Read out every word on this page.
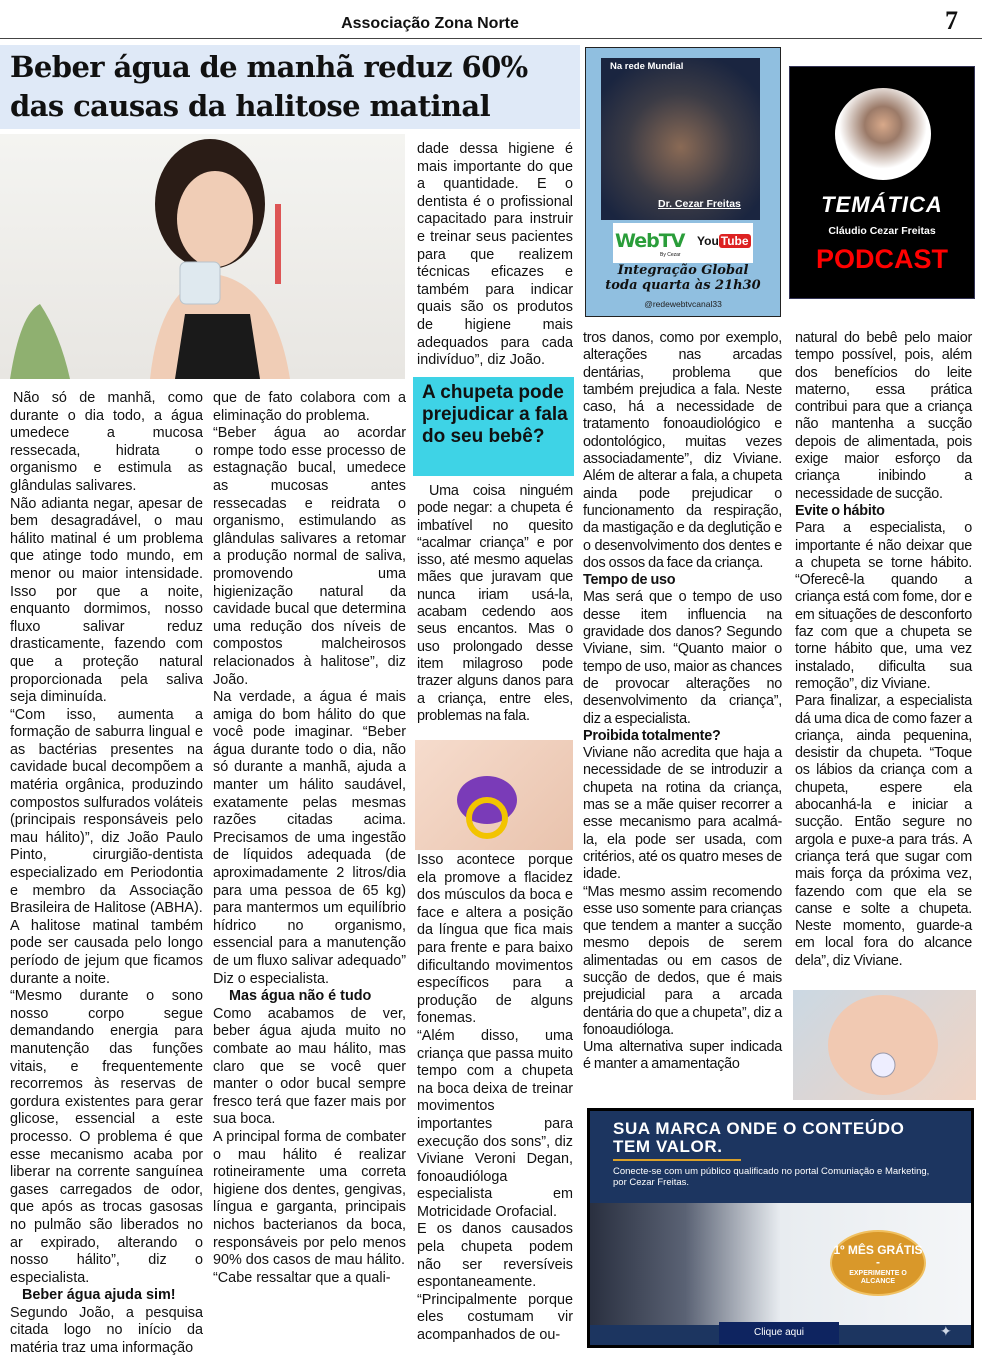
Associação Zona Norte	7
Beber água de manhã reduz 60% das causas da halitose matinal

Não só de manhã, como durante o dia todo, a água umedece a mucosa ressecada, hidrata o organismo e estimula as glândulas salivares.

Não adianta negar, apesar de bem desagradável, o mau hálito matinal é um problema que atinge todo mundo, em menor ou maior intensidade. Isso por que a noite, enquanto dormimos, nosso fluxo salivar reduz drasticamente, fazendo com que a proteção natural proporcionada pela saliva seja diminuída.

“Com isso, aumenta a formação de saburra lingual e as bactérias presentes na cavidade bucal decompõem a matéria orgânica, produzindo compostos sulfurados voláteis (principais responsáveis pelo mau hálito)”, diz João Paulo Pinto, cirurgião-dentista especializado em Periodontia e membro da Associação Brasileira de Halitose (ABHA).

A halitose matinal também pode ser causada pelo longo período de jejum que ficamos durante a noite.

“Mesmo durante o sono nosso corpo segue demandando energia para manutenção das funções vitais, e frequentemente recorremos às reservas de gordura existentes para gerar glicose, essencial a este processo. O problema é que esse mecanismo acaba por liberar na corrente sanguínea gases carregados de odor, que após as trocas gasosas no pulmão são liberados no ar expirado, alterando o nosso hálito”, diz o especialista.

Beber água ajuda sim!

Segundo João, a pesquisa citada logo no início da matéria traz uma informação

que de fato colabora com a eliminação do problema.

“Beber água ao acordar rompe todo esse processo de estagnação bucal, umedece as mucosas antes ressecadas e reidrata o organismo, estimulando as glândulas salivares a retomar a produção normal de saliva, promovendo uma higienização natural da cavidade bucal que determina uma redução dos níveis de compostos malcheirosos relacionados à halitose”, diz João.

Na verdade, a água é mais amiga do bom hálito do que você pode imaginar. “Beber água durante todo o dia, não só durante a manhã, ajuda a manter um hálito saudável, exatamente pelas mesmas razões citadas acima. Precisamos de uma ingestão de líquidos adequada (de aproximadamente 2 litros/dia para uma pessoa de 65 kg) para mantermos um equilíbrio hídrico no organismo, essencial para a manutenção de um fluxo salivar adequado” Diz o especialista.

Mas água não é tudo

Como acabamos de ver, beber água ajuda muito no combate ao mau hálito, mas claro que se você quer manter o odor bucal sempre fresco terá que fazer mais por sua boca.

A principal forma de combater o mau hálito é realizar rotineiramente uma correta higiene dos dentes, gengivas, língua e garganta, principais nichos bacterianos da boca, responsáveis por pelo menos 90% dos casos de mau hálito.

“Cabe ressaltar que a quali-

dade dessa higiene é mais importante do que a quantidade. E o dentista é o profissional capacitado para instruir e treinar seus pacientes para que realizem técnicas eficazes e também para indicar quais são os produtos de higiene mais adequados para cada indivíduo”, diz João.

A chupeta pode prejudicar a fala do seu bebê?

Uma coisa ninguém pode negar: a chupeta é imbatível no quesito “acalmar criança” e por isso, até mesmo aquelas mães que juravam que nunca iriam usá-la, acabam cedendo aos seus encantos. Mas o uso prolongado desse item milagroso pode trazer alguns danos para a criança, entre eles, problemas na fala.

Isso acontece porque ela promove a flacidez dos músculos da boca e face e altera a posição da língua que fica mais para frente e para baixo dificultando movimentos específicos para a produção de alguns fonemas.

“Além disso, uma criança que passa muito tempo com a chupeta na boca deixa de treinar movimentos importantes para execução dos sons”, diz Viviane Veroni Degan, fonoaudióloga especialista em Motricidade Orofacial.

E os danos causados pela chupeta podem não ser reversíveis espontaneamente.

“Principalmente porque eles costumam vir acompanhados de ou-

tros danos, como por exemplo, alterações nas arcadas dentárias, problema que também prejudica a fala. Neste caso, há a necessidade de tratamento fonoaudiológico e odontológico, muitas vezes associadamente”, diz Viviane. Além de alterar a fala, a chupeta ainda pode prejudicar o funcionamento da respiração, da mastigação e da deglutição e o desenvolvimento dos dentes e dos ossos da face da criança.

Tempo de uso

Mas será que o tempo de uso desse item influencia na gravidade dos danos? Segundo Viviane, sim. “Quanto maior o tempo de uso, maior as chances de provocar alterações no desenvolvimento da criança”, diz a especialista.

Proibida totalmente?

Viviane não acredita que haja a necessidade de se introduzir a chupeta na rotina da criança, mas se a mãe quiser recorrer a esse mecanismo para acalmá-la, ela pode ser usada, com critérios, até os quatro meses de idade.

“Mas mesmo assim recomendo esse uso somente para crianças que tendem a manter a sucção mesmo depois de serem alimentadas ou em casos de sucção de dedos, que é mais prejudicial para a arcada dentária do que a chupeta”, diz a fonoaudióloga.

Uma alternativa super indicada é manter a amamentação

natural do bebê pelo maior tempo possível, pois, além dos benefícios do leite materno, essa prática contribui para que a criança não mantenha a sucção depois de alimentada, pois exige maior esforço da criança inibindo a necessidade de sucção.

Evite o hábito

Para a especialista, o importante é não deixar que a chupeta se torne hábito. “Oferecê-la quando a criança está com fome, dor e em situações de desconforto faz com que a chupeta se torne hábito que, uma vez instalado, dificulta sua remoção”, diz Viviane.

Para finalizar, a especialista dá uma dica de como fazer a criança, ainda pequenina, desistir da chupeta. “Toque os lábios da criança com a chupeta, espere ela abocanhá-la e iniciar a sucção. Então segure no argola e puxe-a para trás. A criança terá que sugar com mais força da próxima vez, fazendo com que ela se canse e solte a chupeta. Neste momento, guarde-a em local fora do alcance dela”, diz Viviane.

Na rede Mundial
Dr. Cezar Freitas
WebTV
By Cezar
You Tube
Integração Global
toda quarta às 21h30
@redewebtvcanal33
TEMÁTICA
Cláudio Cezar Freitas
PODCAST
SUA MARCA ONDE O CONTEÚDO TEM VALOR.
Conecte-se com um público qualificado no portal Comuniação e Marketing, por Cezar Freitas.
1º MÊS GRÁTIS -
EXPERIMENTE O ALCANCE
Clique aqui	✦
